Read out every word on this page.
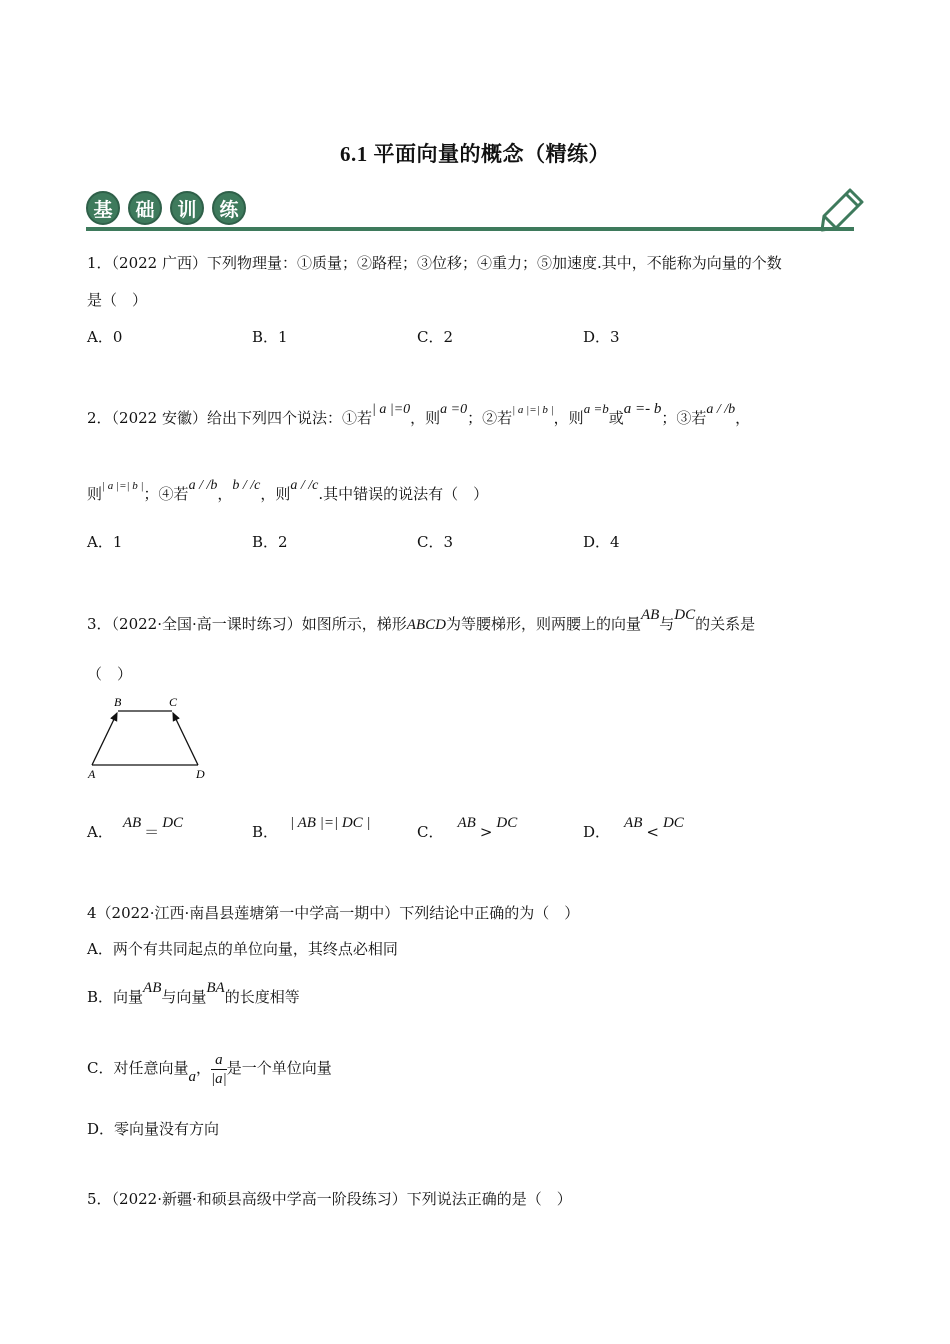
6.1 平面向量的概念（精练）
基	础	训	练
1．（2022 广西）下列物理量：①质量；②路程；③位移；④重力；⑤加速度.其中，不能称为向量的个数
是（　）
A．0	B．1	C．2	D．3
2．（2022 安徽）给出下列四个说法：①若| a |=0，则a =0；②若$^{| a |=| b |}$，则a =b或a =- b；③若a / /b，
则$^{| a |=| b |}$；④若a / /b，b / /c，则a / /c.其中错误的说法有（　）
A．1	B．2	C．3	D．4
3．（2022·全国·高一课时练习）如图所示，梯形ABCD为等腰梯形，则两腰上的向量AB与DC的关系是
（　）
B	C
A	D
A． AB ＝ DC	B． | AB |=| DC |	C． AB > DC	D． AB < DC
4（2022·江西·南昌县莲塘第一中学高一期中）下列结论中正确的为（　）
A．两个有共同起点的单位向量，其终点必相同
B．向量AB与向量BA的长度相等
C．对任意向量a， $\frac{a}{|a|}$ 是一个单位向量
D．零向量没有方向
5．（2022·新疆·和硕县高级中学高一阶段练习）下列说法正确的是（　）
